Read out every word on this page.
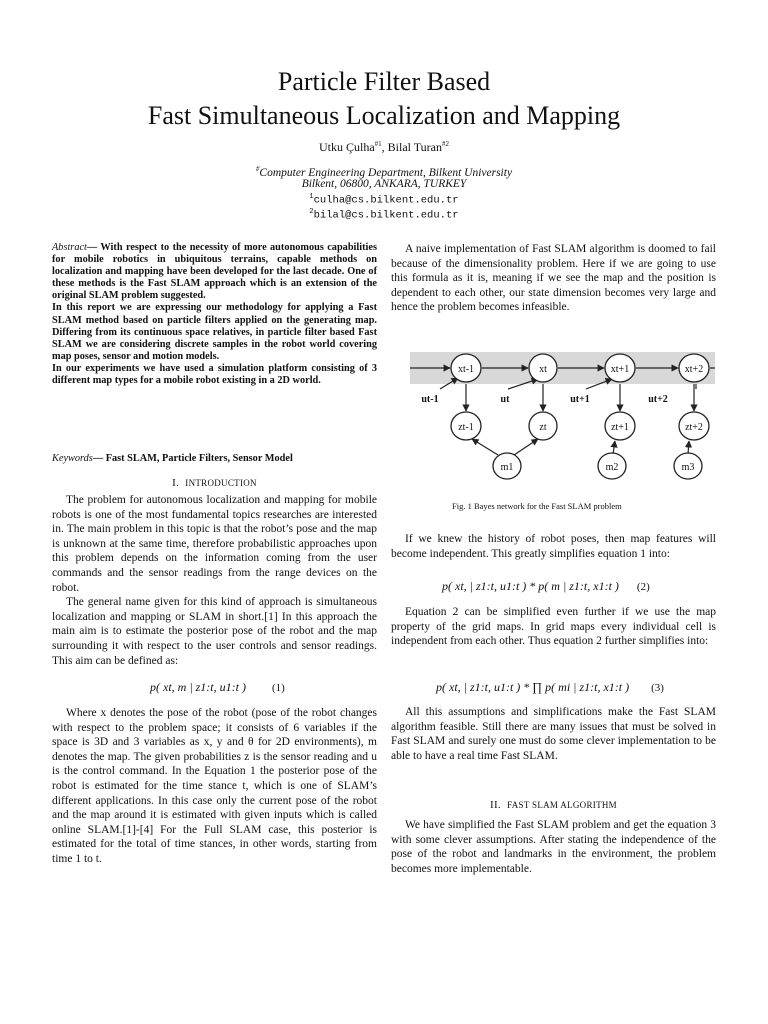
Particle Filter Based
Fast Simultaneous Localization and Mapping
Utku Çulha$^{\#1}$, Bilal Turan$^{\#2}$
#Computer Engineering Department, Bilkent University
Bilkent, 06800, ANKARA, TURKEY
$^1$culha@cs.bilkent.edu.tr
$^2$bilal@cs.bilkent.edu.tr

Abstract— With respect to the necessity of more autonomous capabilities for mobile robotics in ubiquitous terrains, capable methods on localization and mapping have been developed for the last decade. One of these methods is the Fast SLAM approach which is an extension of the original SLAM problem suggested.

In this report we are expressing our methodology for applying a Fast SLAM method based on particle filters applied on the generating map. Differing from its continuous space relatives, in particle filter based Fast SLAM we are considering discrete samples in the robot world covering map poses, sensor and motion models.

In our experiments we have used a simulation platform consisting of 3 different map types for a mobile robot existing in a 2D world.

Keywords— Fast SLAM, Particle Filters, Sensor Model
I. INTRODUCTION

The problem for autonomous localization and mapping for mobile robots is one of the most fundamental topics researches are interested in. The main problem in this topic is that the robot’s pose and the map is unknown at the same time, therefore probabilistic approaches upon this problem depends on the information coming from the user commands and the sensor readings from the range devices on the robot.

The general name given for this kind of approach is simultaneous localization and mapping or SLAM in short.[1] In this approach the main aim is to estimate the posterior pose of the robot and the map surrounding it with respect to the user controls and sensor readings. This aim can be defined as:

p( xt, m | z1:t, u1:t ) (1)

Where x denotes the pose of the robot (pose of the robot changes with respect to the problem space; it consists of 6 variables if the space is 3D and 3 variables as x, y and θ for 2D environments), m denotes the map. The given probabilities z is the sensor reading and u is the control command. In the Equation 1 the posterior pose of the robot is estimated for the time stance t, which is one of SLAM’s different applications. In this case only the current pose of the robot and the map around it is estimated with given inputs which is called online SLAM.[1]-[4] For the Full SLAM case, this posterior is estimated for the total of time stances, in other words, starting from time 1 to t.

A naive implementation of Fast SLAM algorithm is doomed to fail because of the dimensionality problem. Here if we are going to use this formula as it is, meaning if we see the map and the position is dependent to each other, our state dimension becomes very large and hence the problem becomes infeasible.

xt-1	xt	xt+1	xt+2
ut-1	ut	ut+1	ut+2
zt-1	zt	zt+1	zt+2
m1	m2	m3
Fig. 1 Bayes network for the Fast SLAM problem

If we knew the history of robot poses, then map features will become independent. This greatly simplifies equation 1 into:

p( xt, | z1:t, u1:t ) * p( m | z1:t, x1:t ) (2)

Equation 2 can be simplified even further if we use the map property of the grid maps. In grid maps every individual cell is independent from each other. Thus equation 2 further simplifies into:

p( xt, | z1:t, u1:t ) * ∏ p( mi | z1:t, x1:t ) (3)

All this assumptions and simplifications make the Fast SLAM algorithm feasible. Still there are many issues that must be solved in Fast SLAM and surely one must do some clever implementation to be able to have a real time Fast SLAM.

II. FAST SLAM ALGORITHM

We have simplified the Fast SLAM problem and get the equation 3 with some clever assumptions. After stating the independence of the pose of the robot and landmarks in the environment, the problem becomes more implementable.
